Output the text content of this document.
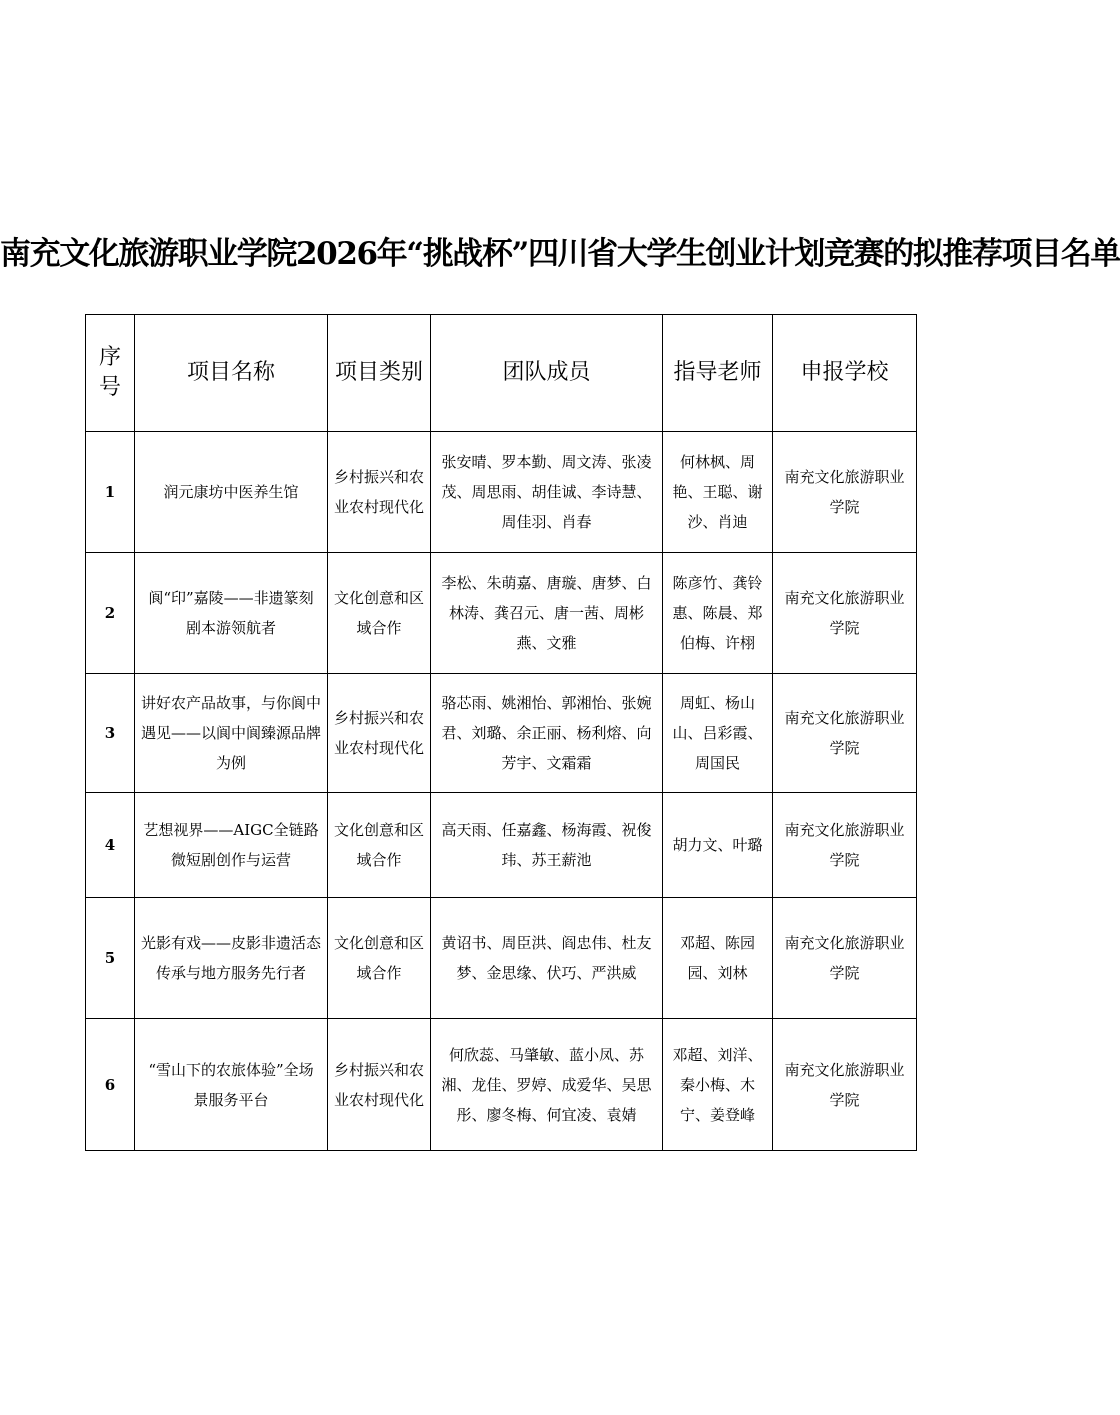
南充文化旅游职业学院2026年“挑战杯”四川省大学生创业计划竞赛的拟推荐项目名单
序号	项目名称	项目类别	团队成员	指导老师	申报学校
1	润元康坊中医养生馆	乡村振兴和农业农村现代化	张安晴、罗本勤、周文涛、张凌茂、周思雨、胡佳诚、李诗慧、周佳羽、肖春	何林枫、周艳、王聪、谢沙、肖迪	南充文化旅游职业学院
2	阆“印”嘉陵——非遗篆刻剧本游领航者	文化创意和区域合作	李松、朱萌嘉、唐璇、唐梦、白林涛、龚召元、唐一茜、周彬燕、文雅	陈彦竹、龚铃惠、陈晨、郑伯梅、许栩	南充文化旅游职业学院
3	讲好农产品故事，与你阆中遇见——以阆中阆臻源品牌为例	乡村振兴和农业农村现代化	骆芯雨、姚湘怡、郭湘怡、张婉君、刘璐、余正丽、杨利熔、向芳宇、文霜霜	周虹、杨山山、吕彩霞、周国民	南充文化旅游职业学院
4	艺想视界——AIGC全链路微短剧创作与运营	文化创意和区域合作	高天雨、任嘉鑫、杨海霞、祝俊玮、苏王薪池	胡力文、叶璐	南充文化旅游职业学院
5	光影有戏——皮影非遗活态传承与地方服务先行者	文化创意和区域合作	黄诏书、周臣洪、阎忠伟、杜友梦、金思缘、伏巧、严洪威	邓超、陈园园、刘林	南充文化旅游职业学院
6	“雪山下的农旅体验”全场景服务平台	乡村振兴和农业农村现代化	何欣蕊、马肇敏、蓝小凤、苏湘、龙佳、罗婷、成爱华、吴思彤、廖冬梅、何宜凌、袁婧	邓超、刘洋、秦小梅、木宁、姜登峰	南充文化旅游职业学院
